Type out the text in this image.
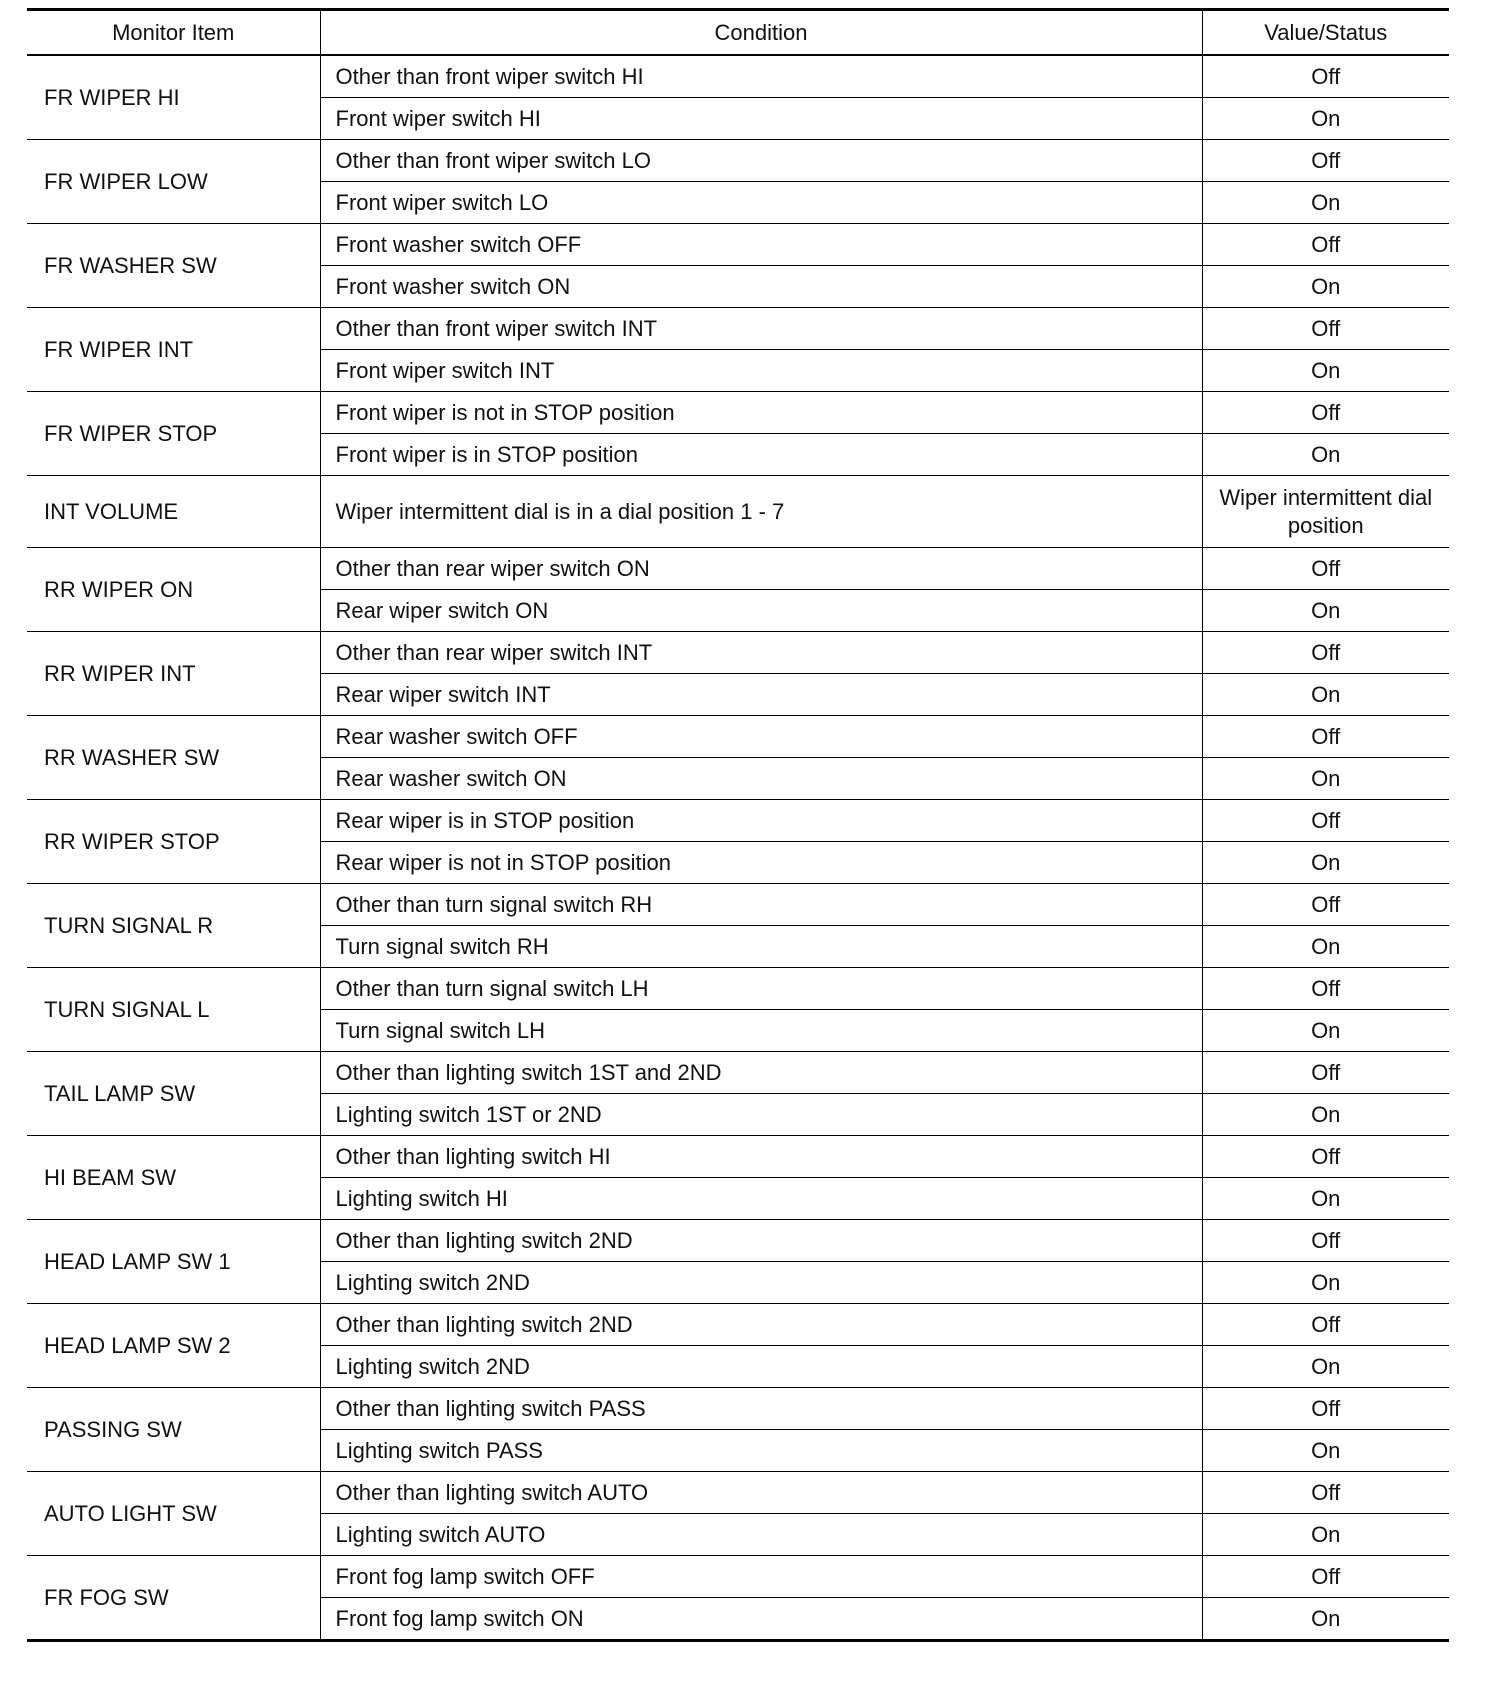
Monitor Item	Condition	Value/Status
FR WIPER HI	Other than front wiper switch HI	Off
	Front wiper switch HI	On
FR WIPER LOW	Other than front wiper switch LO	Off
	Front wiper switch LO	On
FR WASHER SW	Front washer switch OFF	Off
	Front washer switch ON	On
FR WIPER INT	Other than front wiper switch INT	Off
	Front wiper switch INT	On
FR WIPER STOP	Front wiper is not in STOP position	Off
	Front wiper is in STOP position	On
INT VOLUME	Wiper intermittent dial is in a dial position 1 - 7	Wiper intermittent dial position
RR WIPER ON	Other than rear wiper switch ON	Off
	Rear wiper switch ON	On
RR WIPER INT	Other than rear wiper switch INT	Off
	Rear wiper switch INT	On
RR WASHER SW	Rear washer switch OFF	Off
	Rear washer switch ON	On
RR WIPER STOP	Rear wiper is in STOP position	Off
	Rear wiper is not in STOP position	On
TURN SIGNAL R	Other than turn signal switch RH	Off
	Turn signal switch RH	On
TURN SIGNAL L	Other than turn signal switch LH	Off
	Turn signal switch LH	On
TAIL LAMP SW	Other than lighting switch 1ST and 2ND	Off
	Lighting switch 1ST or 2ND	On
HI BEAM SW	Other than lighting switch HI	Off
	Lighting switch HI	On
HEAD LAMP SW 1	Other than lighting switch 2ND	Off
	Lighting switch 2ND	On
HEAD LAMP SW 2	Other than lighting switch 2ND	Off
	Lighting switch 2ND	On
PASSING SW	Other than lighting switch PASS	Off
	Lighting switch PASS	On
AUTO LIGHT SW	Other than lighting switch AUTO	Off
	Lighting switch AUTO	On
FR FOG SW	Front fog lamp switch OFF	Off
	Front fog lamp switch ON	On
